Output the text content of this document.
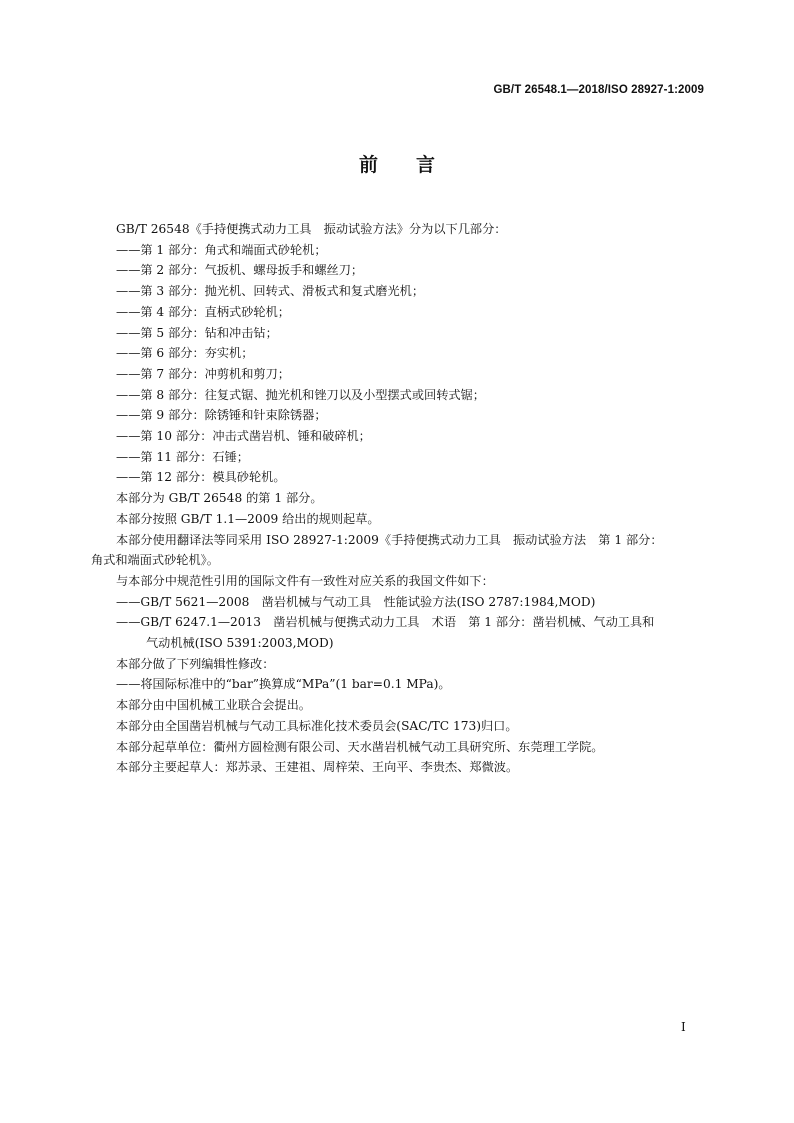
GB/T 26548.1—2018/ISO 28927-1:2009
前言

GB/T 26548《手持便携式动力工具　振动试验方法》分为以下几部分：

——第 1 部分：角式和端面式砂轮机；

——第 2 部分：气扳机、螺母扳手和螺丝刀；

——第 3 部分：抛光机、回转式、滑板式和复式磨光机；

——第 4 部分：直柄式砂轮机；

——第 5 部分：钻和冲击钻；

——第 6 部分：夯实机；

——第 7 部分：冲剪机和剪刀；

——第 8 部分：往复式锯、抛光机和锉刀以及小型摆式或回转式锯；

——第 9 部分：除锈锤和针束除锈器；

——第 10 部分：冲击式凿岩机、锤和破碎机；

——第 11 部分：石锤；

——第 12 部分：模具砂轮机。

本部分为 GB/T 26548 的第 1 部分。

本部分按照 GB/T 1.1—2009 给出的规则起草。

本部分使用翻译法等同采用 ISO 28927-1:2009《手持便携式动力工具　振动试验方法　第 1 部分：

角式和端面式砂轮机》。

与本部分中规范性引用的国际文件有一致性对应关系的我国文件如下：

——GB/T 5621—2008　凿岩机械与气动工具　性能试验方法(ISO 2787:1984,MOD)

——GB/T 6247.1—2013　凿岩机械与便携式动力工具　术语　第 1 部分：凿岩机械、气动工具和

气动机械(ISO 5391:2003,MOD)

本部分做了下列编辑性修改：

——将国际标准中的“bar”换算成“MPa”(1 bar=0.1 MPa)。

本部分由中国机械工业联合会提出。

本部分由全国凿岩机械与气动工具标准化技术委员会(SAC/TC 173)归口。

本部分起草单位：衢州方圆检测有限公司、天水凿岩机械气动工具研究所、东莞理工学院。

本部分主要起草人：郑苏录、王建祖、周梓荣、王向平、李贵杰、郑微波。

I
